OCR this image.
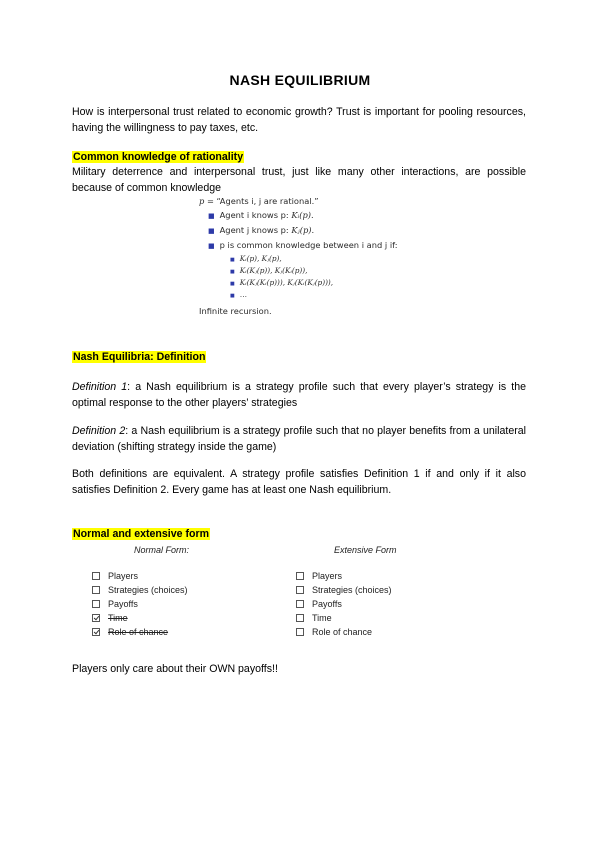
NASH EQUILIBRIUM
How is interpersonal trust related to economic growth? Trust is important for pooling resources, having the willingness to pay taxes, etc.
Common knowledge of rationality
Military deterrence and interpersonal trust, just like many other interactions, are possible because of common knowledge
p = “Agents i, j are rational.”
■ Agent i knows p: Kᵢ(p).
■ Agent j knows p: Kⱼ(p).
■ p is common knowledge between i and j if:
■ Kᵢ(p), Kⱼ(p),
■ Kᵢ(Kⱼ(p)), Kⱼ(Kᵢ(p)),
■ Kᵢ(Kⱼ(Kᵢ(p))), Kⱼ(Kᵢ(Kⱼ(p))),
■ …
Infinite recursion.
Nash Equilibria: Definition
Definition 1: a Nash equilibrium is a strategy profile such that every player’s strategy is the optimal response to the other players’ strategies
Definition 2: a Nash equilibrium is a strategy profile such that no player benefits from a unilateral deviation (shifting strategy inside the game)
Both definitions are equivalent. A strategy profile satisfies Definition 1 if and only if it also satisfies Definition 2. Every game has at least one Nash equilibrium.
Normal and extensive form
Normal Form:	Extensive Form
Players
Strategies (choices)
Payoffs
Time
Role of chance
Players
Strategies (choices)
Payoffs
Time
Role of chance
Players only care about their OWN payoffs!!
